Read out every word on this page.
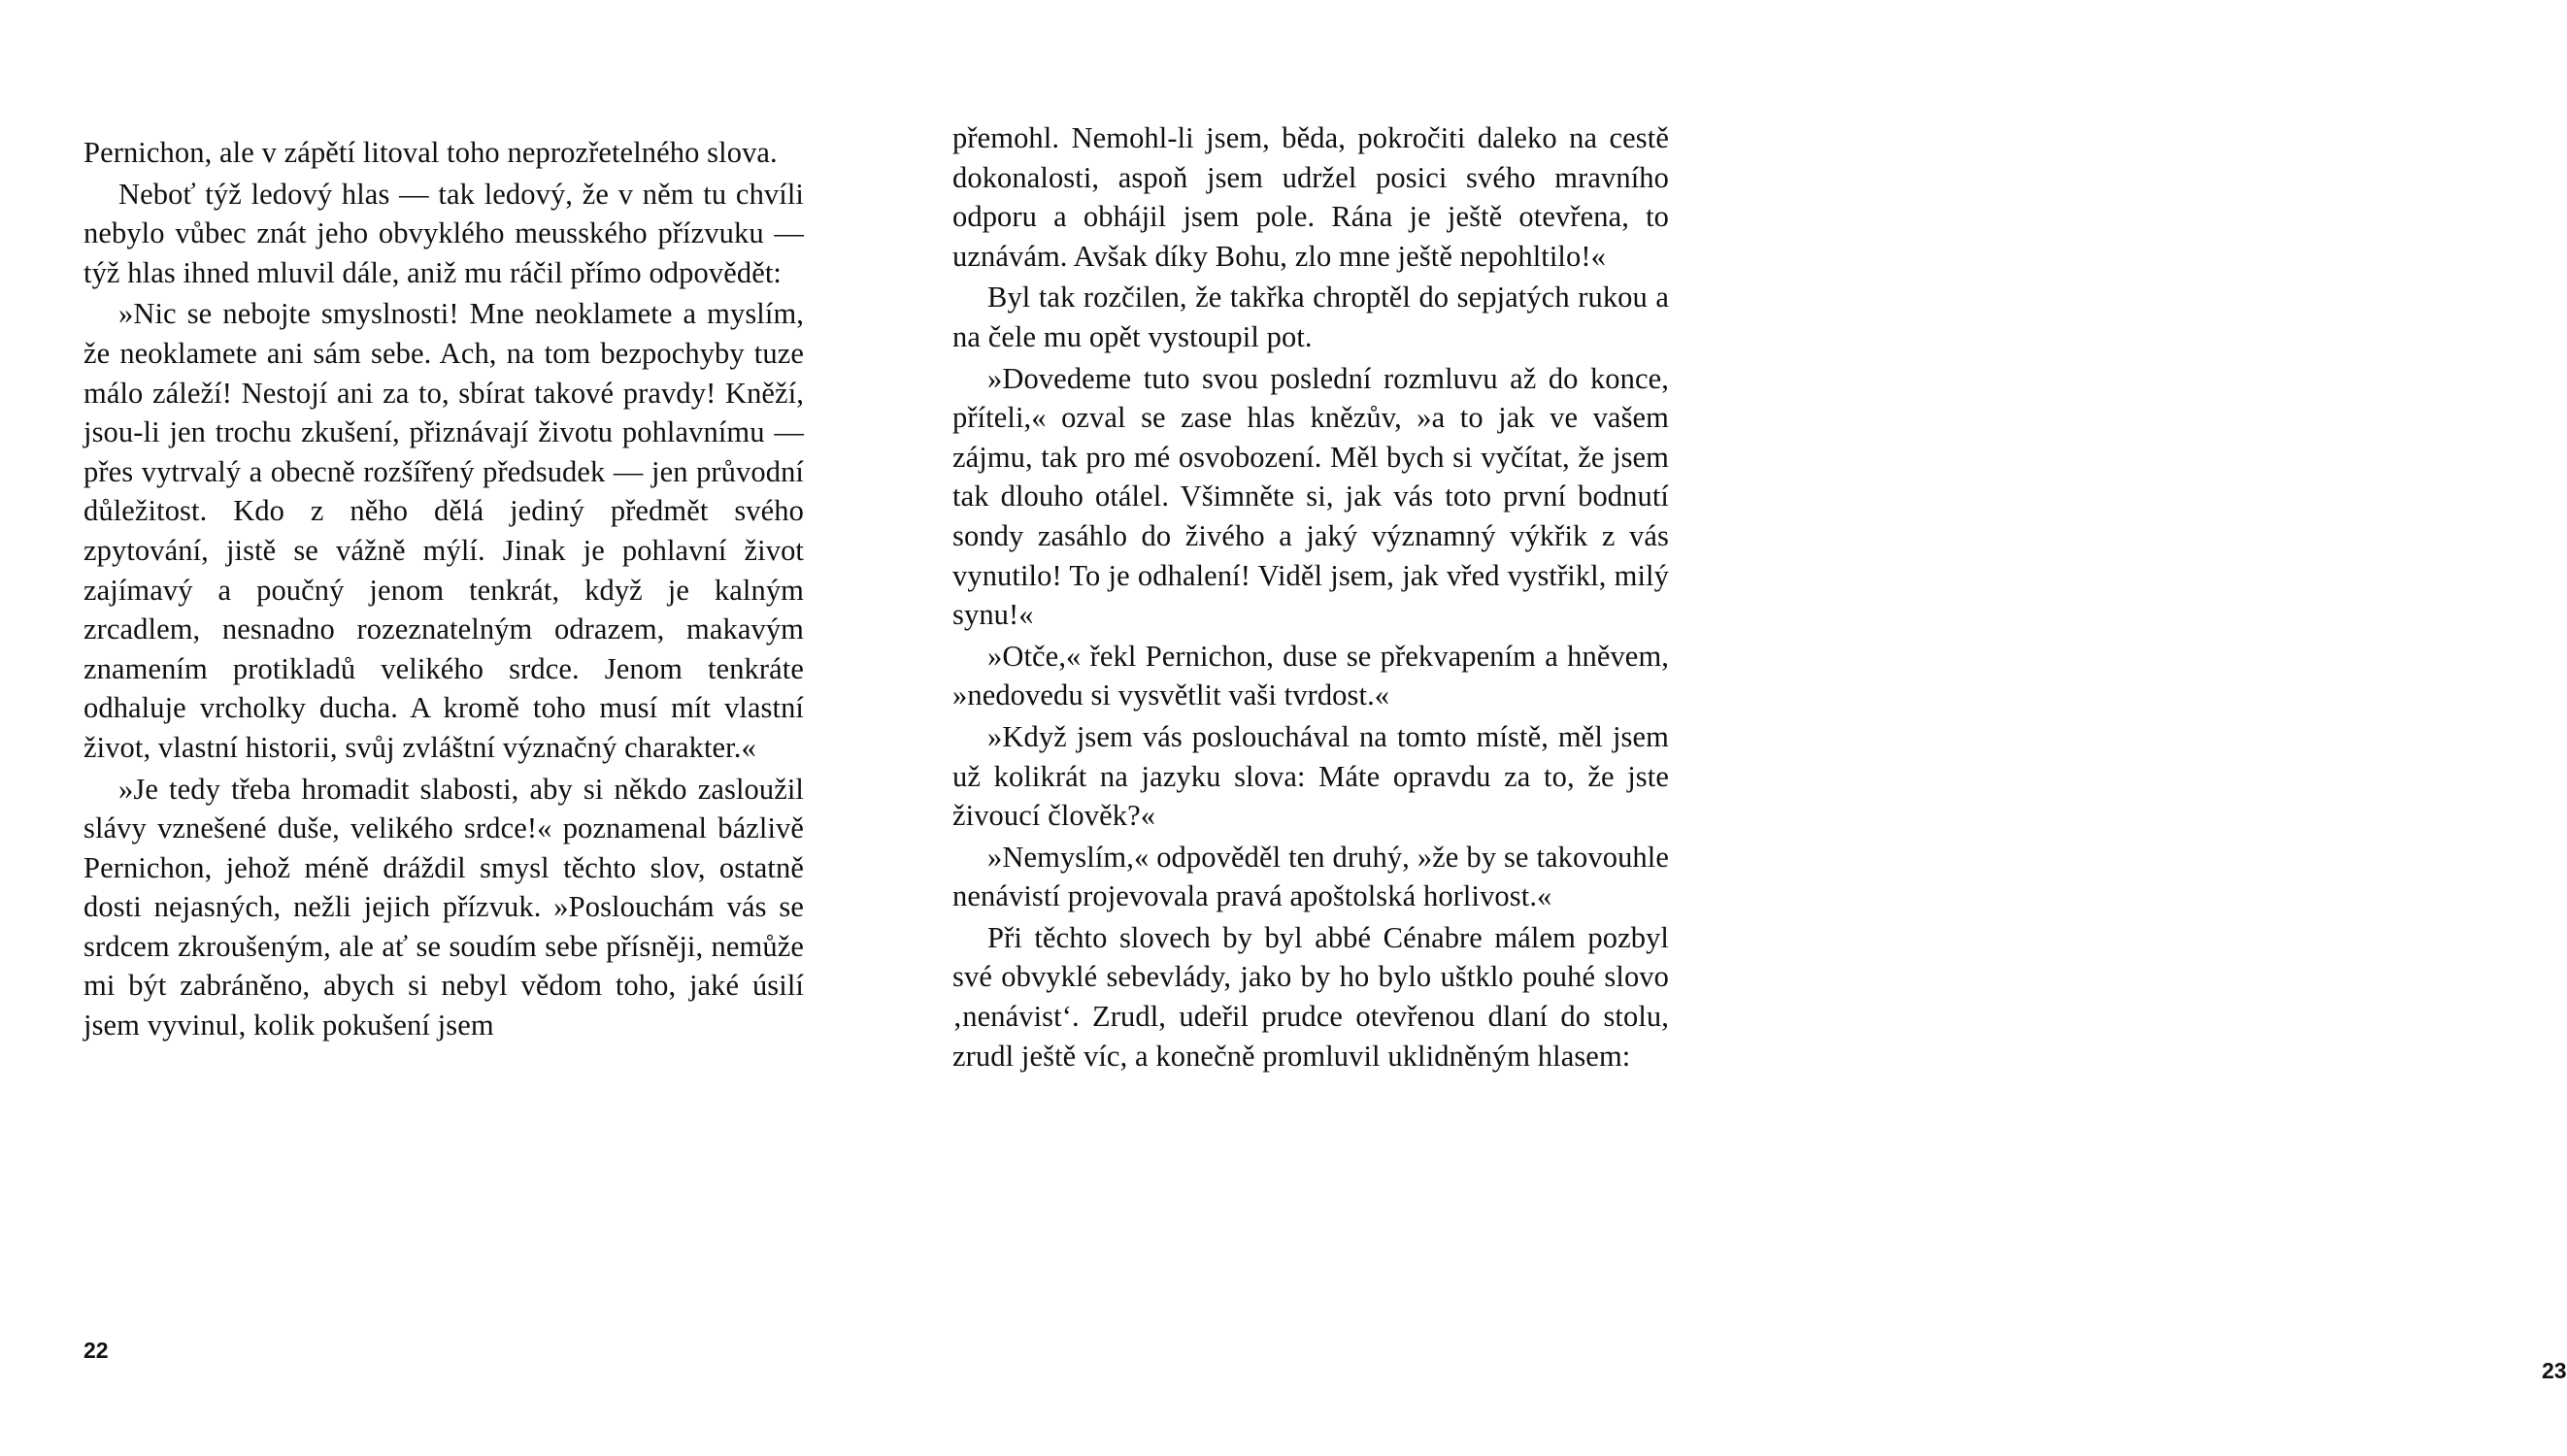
Pernichon, ale v zápětí litoval toho neprozřetelného slova.

Neboť týž ledový hlas — tak ledový, že v něm tu chvíli nebylo vůbec znát jeho obvyklého meusského přízvuku — týž hlas ihned mluvil dále, aniž mu ráčil přímo odpovědět:

»Nic se nebojte smyslnosti! Mne neoklamete a myslím, že neoklamete ani sám sebe. Ach, na tom bezpochyby tuze málo záleží! Nestojí ani za to, sbírat takové pravdy! Kněží, jsou-li jen trochu zkušení, přiznávají životu pohlavnímu — přes vytrvalý a obecně rozšířený předsudek — jen průvodní důležitost. Kdo z něho dělá jediný předmět svého zpytování, jistě se vážně mýlí. Jinak je pohlavní život zajímavý a poučný jenom tenkrát, když je kalným zrcadlem, nesnadno rozeznatelným odrazem, makavým znamením protikladů velikého srdce. Jenom tenkráte odhaluje vrcholky ducha. A kromě toho musí mít vlastní život, vlastní historii, svůj zvláštní význačný charakter.«

»Je tedy třeba hromadit slabosti, aby si někdo zasloužil slávy vznešené duše, velikého srdce!« poznamenal bázlivě Pernichon, jehož méně dráždil smysl těchto slov, ostatně dosti nejasných, nežli jejich přízvuk. »Poslouchám vás se srdcem zkroušeným, ale ať se soudím sebe přísněji, nemůže mi být zabráněno, abych si nebyl vědom toho, jaké úsilí jsem vyvinul, kolik pokušení jsem

22

přemohl. Nemohl-li jsem, běda, pokročiti daleko na cestě dokonalosti, aspoň jsem udržel posici svého mravního odporu a obhájil jsem pole. Rána je ještě otevřena, to uznávám. Avšak díky Bohu, zlo mne ještě nepohltilo!«

Byl tak rozčilen, že takřka chroptěl do sepjatých rukou a na čele mu opět vystoupil pot.

»Dovedeme tuto svou poslední rozmluvu až do konce, příteli,« ozval se zase hlas knězův, »a to jak ve vašem zájmu, tak pro mé osvobození. Měl bych si vyčítat, že jsem tak dlouho otálel. Všimněte si, jak vás toto první bodnutí sondy zasáhlo do živého a jaký významný výkřik z vás vynutilo! To je odhalení! Viděl jsem, jak vřed vystřikl, milý synu!«

»Otče,« řekl Pernichon, duse se překvapením a hněvem, »nedovedu si vysvětlit vaši tvrdost.«

»Když jsem vás poslouchával na tomto místě, měl jsem už kolikrát na jazyku slova: Máte opravdu za to, že jste živoucí člověk?«

»Nemyslím,« odpověděl ten druhý, »že by se takovouhle nenávistí projevovala pravá apoštolská horlivost.«

Při těchto slovech by byl abbé Cénabre málem pozbyl své obvyklé sebevlády, jako by ho bylo uštklo pouhé slovo ‚nenávist‘. Zrudl, udeřil prudce otevřenou dlaní do stolu, zrudl ještě víc, a konečně promluvil uklidněným hlasem:

23
